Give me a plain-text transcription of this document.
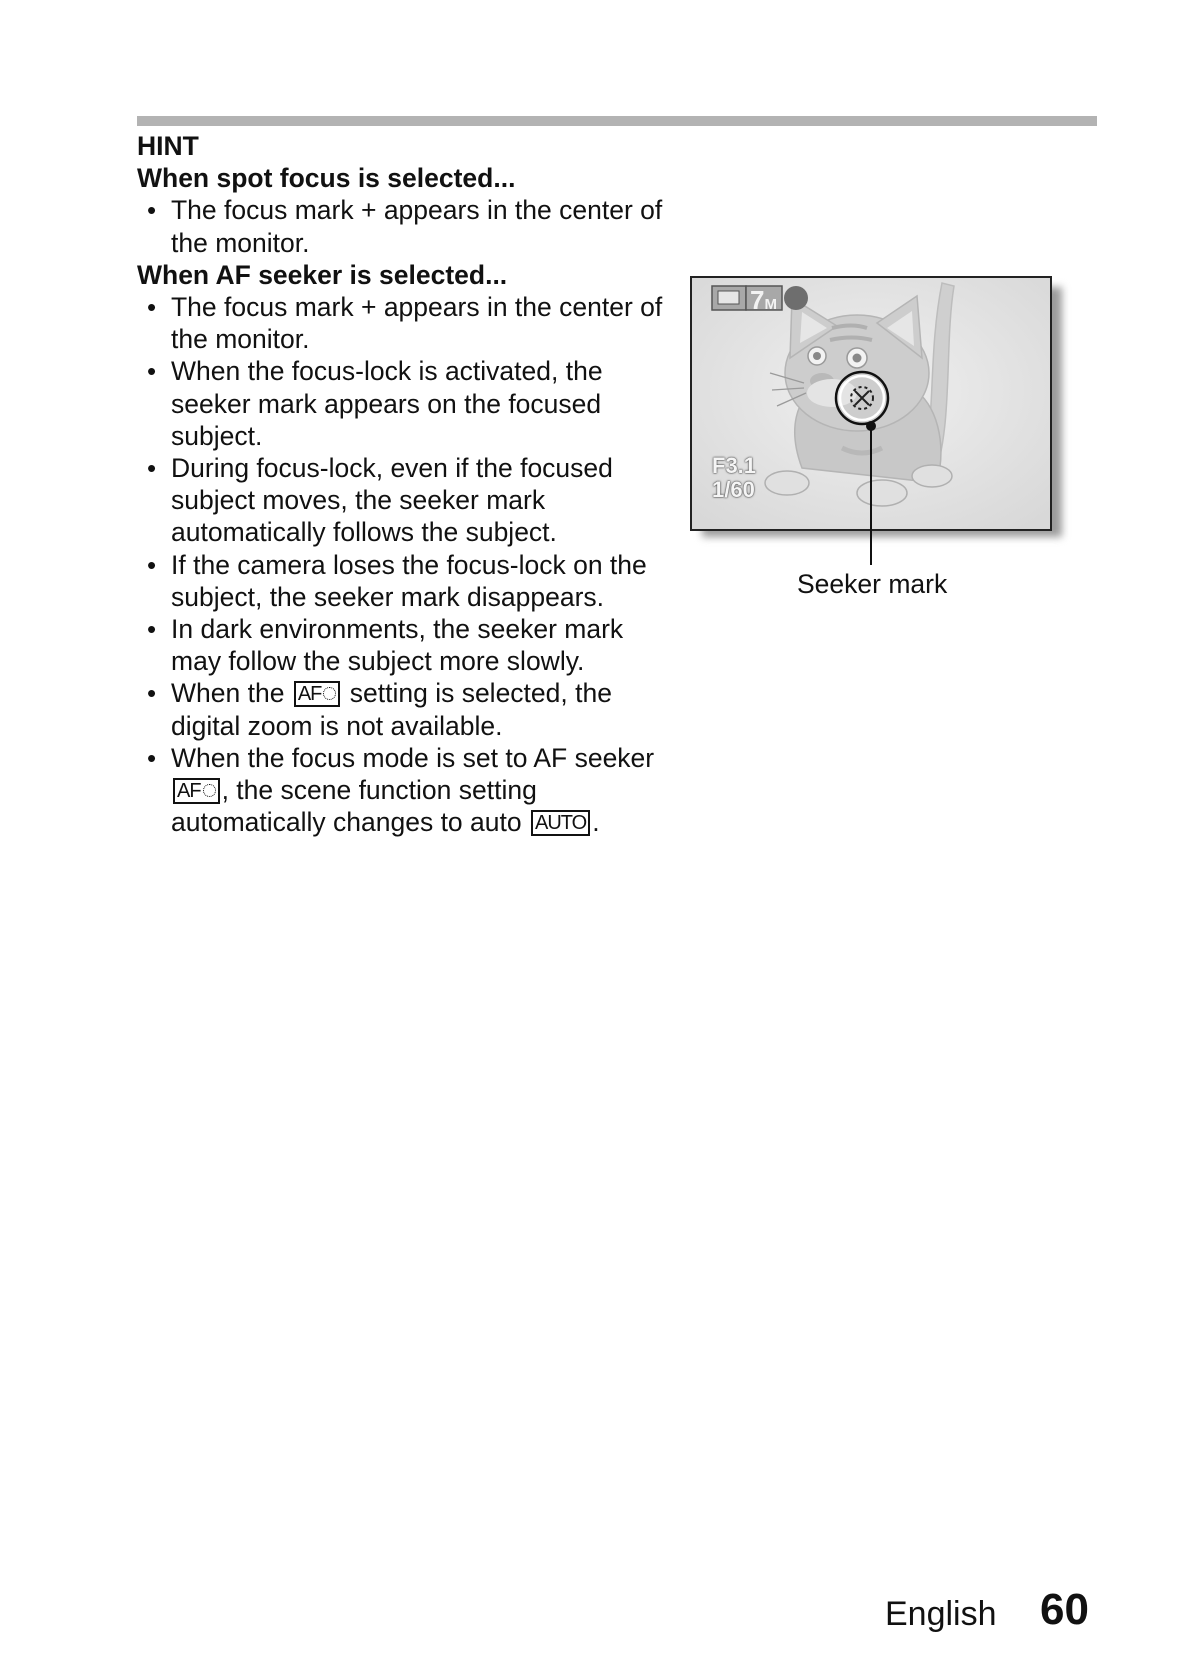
HINT
When spot focus is selected...
• The focus mark + appears in the center of the monitor.
When AF seeker is selected...
• The focus mark + appears in the center of the monitor.
• When the focus-lock is activated, the seeker mark appears on the focused subject.
• During focus-lock, even if the focused subject moves, the seeker mark automatically follows the subject.
• If the camera loses the focus-lock on the subject, the seeker mark disappears.
• In dark environments, the seeker mark may follow the subject more slowly.
• When the AF setting is selected, the digital zoom is not available.
• When the focus mode is set to AF seeker AF , the scene function setting automatically changes to auto AUTO .
7M
F3.1
1/60
Seeker mark
English 60
